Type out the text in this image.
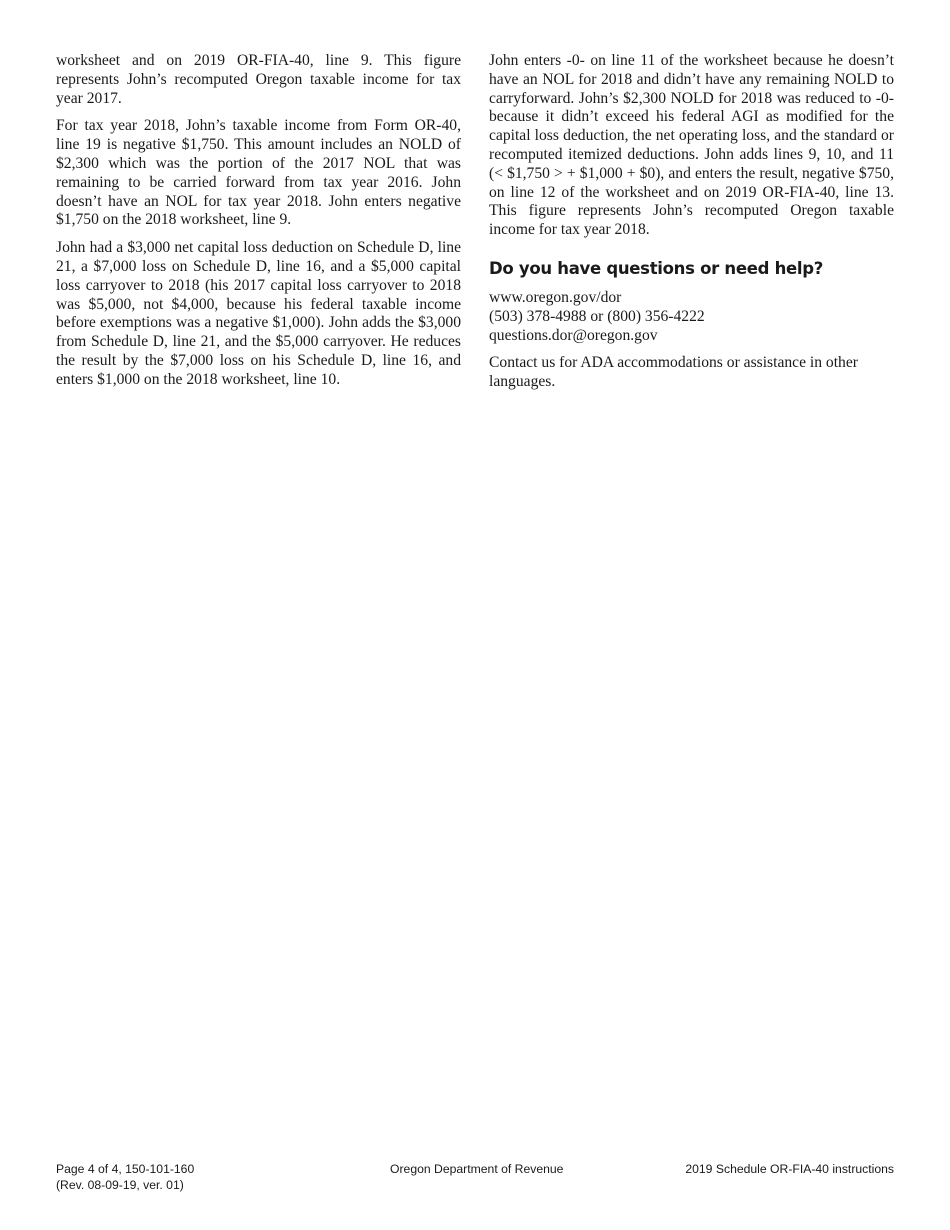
worksheet and on 2019 OR-FIA-40, line 9. This figure represents John’s recomputed Oregon taxable income for tax year 2017.

For tax year 2018, John’s taxable income from Form OR-40, line 19 is negative $1,750. This amount includes an NOLD of $2,300 which was the portion of the 2017 NOL that was remaining to be carried forward from tax year 2016. John doesn’t have an NOL for tax year 2018. John enters negative $1,750 on the 2018 worksheet, line 9.

John had a $3,000 net capital loss deduction on Schedule D, line 21, a $7,000 loss on Schedule D, line 16, and a $5,000 capital loss carryover to 2018 (his 2017 capital loss carryover to 2018 was $5,000, not $4,000, because his federal taxable income before exemptions was a negative $1,000). John adds the $3,000 from Schedule D, line 21, and the $5,000 carryover. He reduces the result by the $7,000 loss on his Schedule D, line 16, and enters $1,000 on the 2018 worksheet, line 10.

John enters -0- on line 11 of the worksheet because he doesn’t have an NOL for 2018 and didn’t have any remaining NOLD to carryforward. John’s $2,300 NOLD for 2018 was reduced to -0- because it didn’t exceed his federal AGI as modified for the capital loss deduction, the net operating loss, and the standard or recomputed itemized deductions. John adds lines 9, 10, and 11 (< $1,750 > + $1,000 + $0), and enters the result, negative $750, on line 12 of the worksheet and on 2019 OR-FIA-40, line 13. This figure represents John’s recomputed Oregon taxable income for tax year 2018.

Do you have questions or need help?

www.oregon.gov/dor
(503) 378-4988 or (800) 356-4222
questions.dor@oregon.gov

Contact us for ADA accommodations or assistance in other languages.

Page 4 of 4, 150-101-160
(Rev. 08-09-19, ver. 01)
Oregon Department of Revenue	2019 Schedule OR-FIA-40 instructions
